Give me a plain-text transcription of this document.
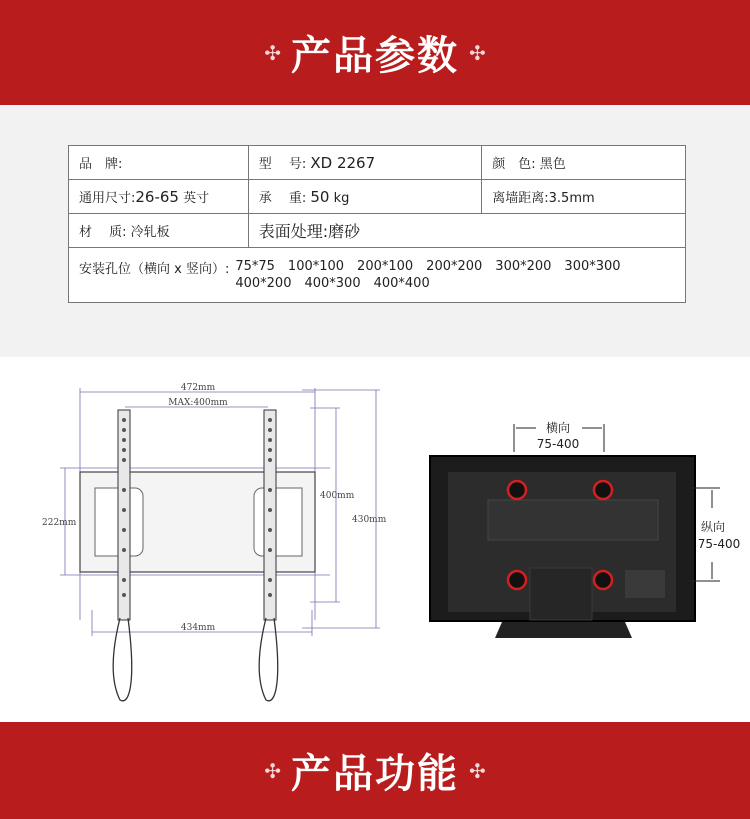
✣ 产品参数 ✣
品　牌:	型　 号: XD 2267	颜　色: 黑色
通用尺寸:26-65 英寸	承　 重: 50 kg	离墙距离:3.5mm
材　 质: 冷轧板	表面处理:磨砂	

安装孔位（横向 x 竖向）: 75*75　100*100　200*100　200*200　300*200　300*300
400*200　400*300　400*400		
472mm
MAX:400mm
222mm
400mm
430mm
434mm
横向
75-400
纵向
75-400
✣ 产品功能 ✣
